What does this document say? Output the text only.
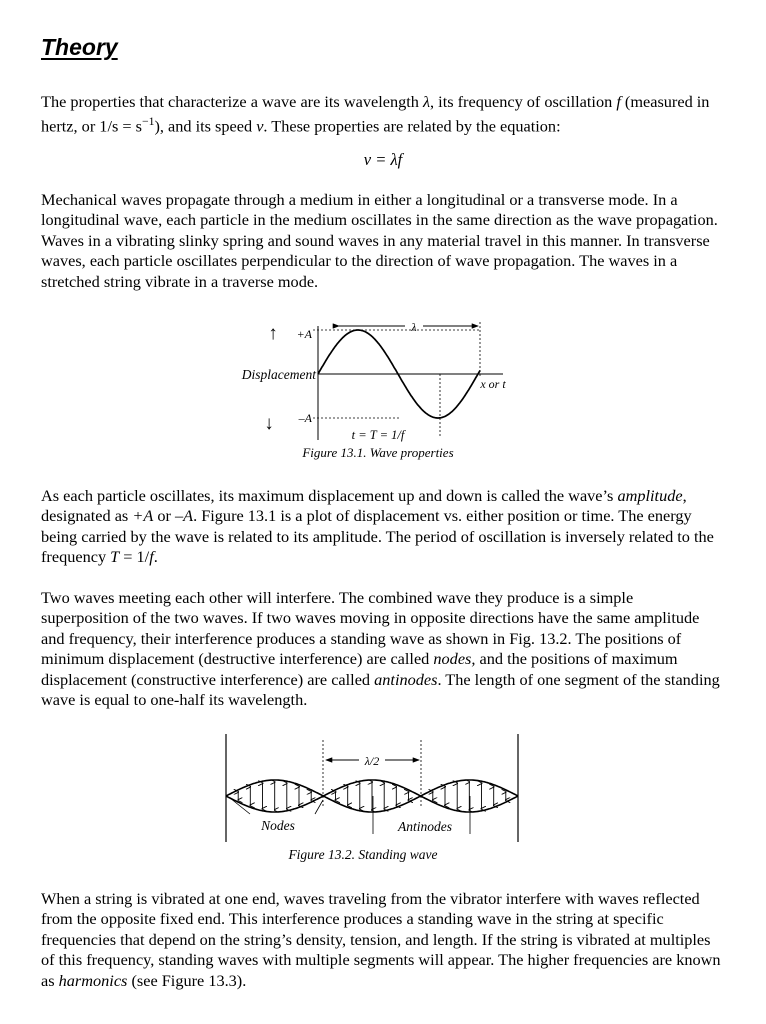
Theory

The properties that characterize a wave are its wavelength λ, its frequency of oscillation f (measured in hertz, or $1/s = s^{-1}$), and its speed v. These properties are related by the equation:

v = λf

Mechanical waves propagate through a medium in either a longitudinal or a transverse mode. In a longitudinal wave, each particle in the medium oscillates in the same direction as the wave propagation. Waves in a vibrating slinky spring and sound waves in any material travel in this manner. In transverse waves, each particle oscillates perpendicular to the direction of wave propagation. The waves in a stretched string vibrate in a traverse mode.

↑
↓
+A
Displacement
–A
λ
x or t
t = T = 1/f
Figure 13.1. Wave properties

As each particle oscillates, its maximum displacement up and down is called the wave’s amplitude, designated as +A or –A. Figure 13.1 is a plot of displacement vs. either position or time. The energy being carried by the wave is related to its amplitude. The period of oscillation is inversely related to the frequency T = 1/f.

Two waves meeting each other will interfere. The combined wave they produce is a simple superposition of the two waves. If two waves moving in opposite directions have the same amplitude and frequency, their interference produces a standing wave as shown in Fig. 13.2. The positions of minimum displacement (destructive interference) are called nodes, and the positions of maximum displacement (constructive interference) are called antinodes. The length of one segment of the standing wave is equal to one-half its wavelength.

λ/2
Nodes	Antinodes
Figure 13.2. Standing wave

When a string is vibrated at one end, waves traveling from the vibrator interfere with waves reflected from the opposite fixed end. This interference produces a standing wave in the string at specific frequencies that depend on the string’s density, tension, and length. If the string is vibrated at multiples of this frequency, standing waves with multiple segments will appear. The higher frequencies are known as harmonics (see Figure 13.3).
